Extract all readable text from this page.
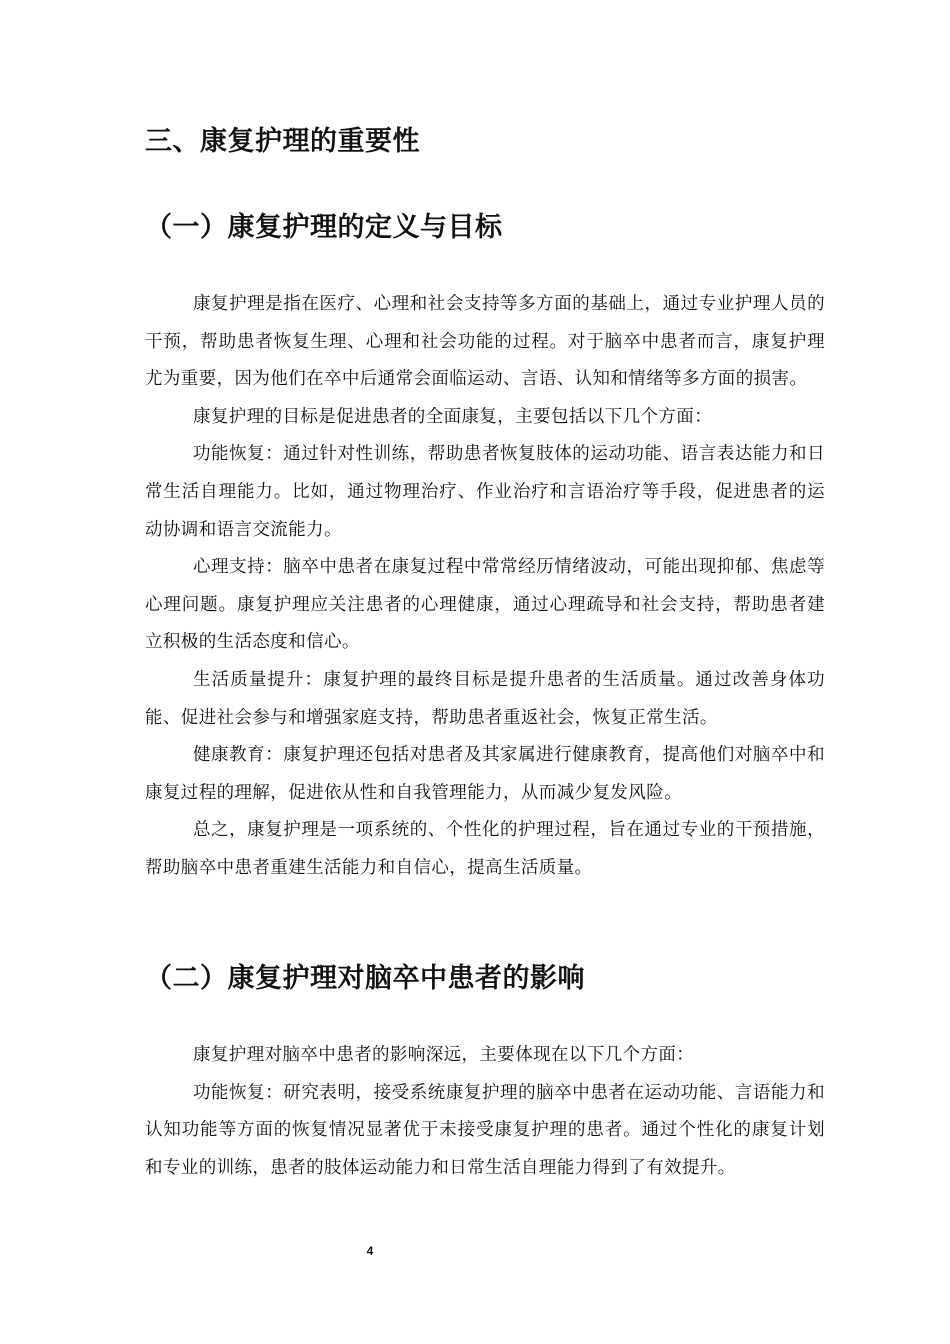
三、康复护理的重要性
（一）康复护理的定义与目标

康复护理是指在医疗、心理和社会支持等多方面的基础上，通过专业护理人员的干预，帮助患者恢复生理、心理和社会功能的过程。对于脑卒中患者而言，康复护理尤为重要，因为他们在卒中后通常会面临运动、言语、认知和情绪等多方面的损害。

康复护理的目标是促进患者的全面康复，主要包括以下几个方面：

功能恢复：通过针对性训练，帮助患者恢复肢体的运动功能、语言表达能力和日常生活自理能力。比如，通过物理治疗、作业治疗和言语治疗等手段，促进患者的运动协调和语言交流能力。

心理支持：脑卒中患者在康复过程中常常经历情绪波动，可能出现抑郁、焦虑等心理问题。康复护理应关注患者的心理健康，通过心理疏导和社会支持，帮助患者建立积极的生活态度和信心。

生活质量提升：康复护理的最终目标是提升患者的生活质量。通过改善身体功能、促进社会参与和增强家庭支持，帮助患者重返社会，恢复正常生活。

健康教育：康复护理还包括对患者及其家属进行健康教育，提高他们对脑卒中和康复过程的理解，促进依从性和自我管理能力，从而减少复发风险。

总之，康复护理是一项系统的、个性化的护理过程，旨在通过专业的干预措施，帮助脑卒中患者重建生活能力和自信心，提高生活质量。

（二）康复护理对脑卒中患者的影响

康复护理对脑卒中患者的影响深远，主要体现在以下几个方面：

功能恢复：研究表明，接受系统康复护理的脑卒中患者在运动功能、言语能力和认知功能等方面的恢复情况显著优于未接受康复护理的患者。通过个性化的康复计划和专业的训练，患者的肢体运动能力和日常生活自理能力得到了有效提升。

4
